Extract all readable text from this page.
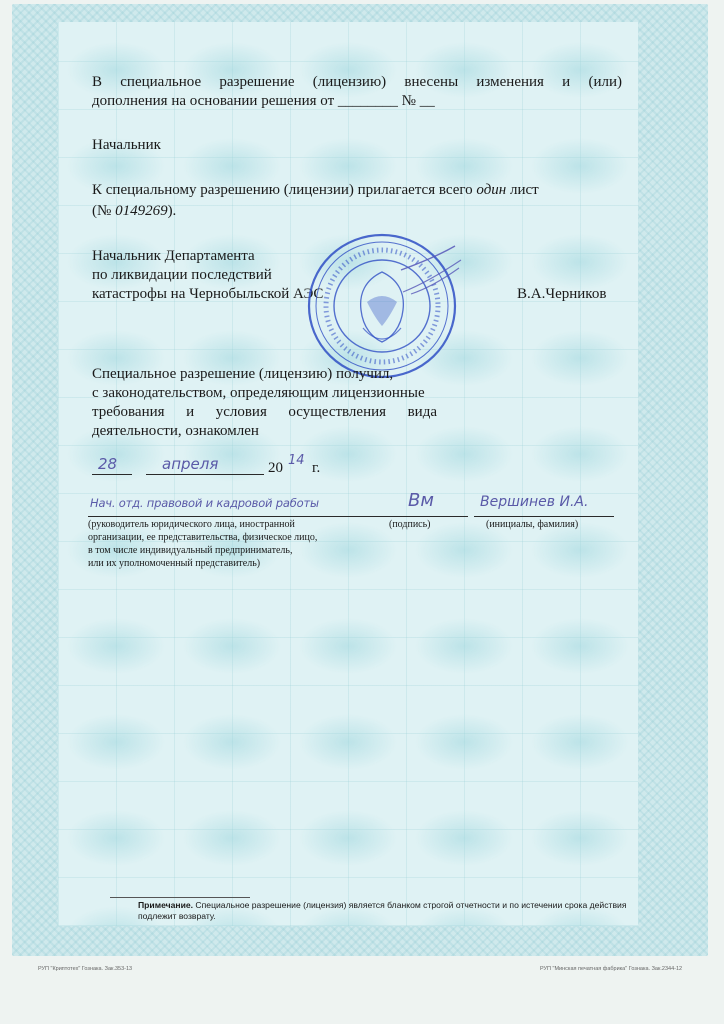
В специальное разрешение (лицензию) внесены изменения и (или)
дополнения на основании решения от ________ № __
Начальник
К специальному разрешению (лицензии) прилагается всего один лист
(№ 0149269).
Начальник Департамента
по ликвидации последствий
катастрофы на Чернобыльской АЭС	В.А.Черников
Специальное разрешение (лицензию) получил,
с законодательством, определяющим лицензионные
требования и условия осуществления вида
деятельности, ознакомлен
28	апреля	20 14 г.
Нач. отд. правовой и кадровой работы	Вм	Вершинев И.А.
(руководитель юридического лица, иностранной
организации, ее представительства, физическое лицо,
в том числе индивидуальный предприниматель,
или их уполномоченный представитель)
(подпись)	(инициалы, фамилия)
Примечание. Специальное разрешение (лицензия) является бланком строгой отчетности и по истечении срока действия
подлежит возврату.
РУП "Криптотех" Гознака. Зак.353-13	РУП "Минская печатная фабрика" Гознака. Зак.2344-12
